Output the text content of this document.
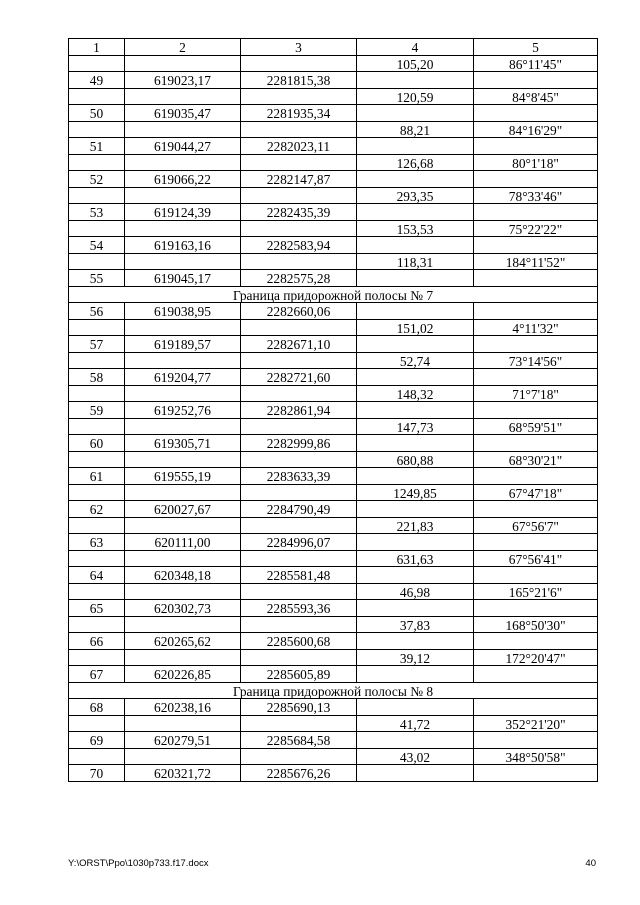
1	2	3	4	5
			105,20	86°11'45"
49	619023,17	2281815,38		
			120,59	84°8'45"
50	619035,47	2281935,34		
			88,21	84°16'29"
51	619044,27	2282023,11		
			126,68	80°1'18"
52	619066,22	2282147,87		
			293,35	78°33'46"
53	619124,39	2282435,39		
			153,53	75°22'22"
54	619163,16	2282583,94		
			118,31	184°11'52"
55	619045,17	2282575,28		
Граница придорожной полосы № 7				
56	619038,95	2282660,06		
			151,02	4°11'32"
57	619189,57	2282671,10		
			52,74	73°14'56"
58	619204,77	2282721,60		
			148,32	71°7'18"
59	619252,76	2282861,94		
			147,73	68°59'51"
60	619305,71	2282999,86		
			680,88	68°30'21"
61	619555,19	2283633,39		
			1249,85	67°47'18"
62	620027,67	2284790,49		
			221,83	67°56'7"
63	620111,00	2284996,07		
			631,63	67°56'41"
64	620348,18	2285581,48		
			46,98	165°21'6"
65	620302,73	2285593,36		
			37,83	168°50'30"
66	620265,62	2285600,68		
			39,12	172°20'47"
67	620226,85	2285605,89		
Граница придорожной полосы № 8				
68	620238,16	2285690,13		
			41,72	352°21'20"
69	620279,51	2285684,58		
			43,02	348°50'58"
70	620321,72	2285676,26		
Y:\ORST\Ppo\1030p733.f17.docx	40
